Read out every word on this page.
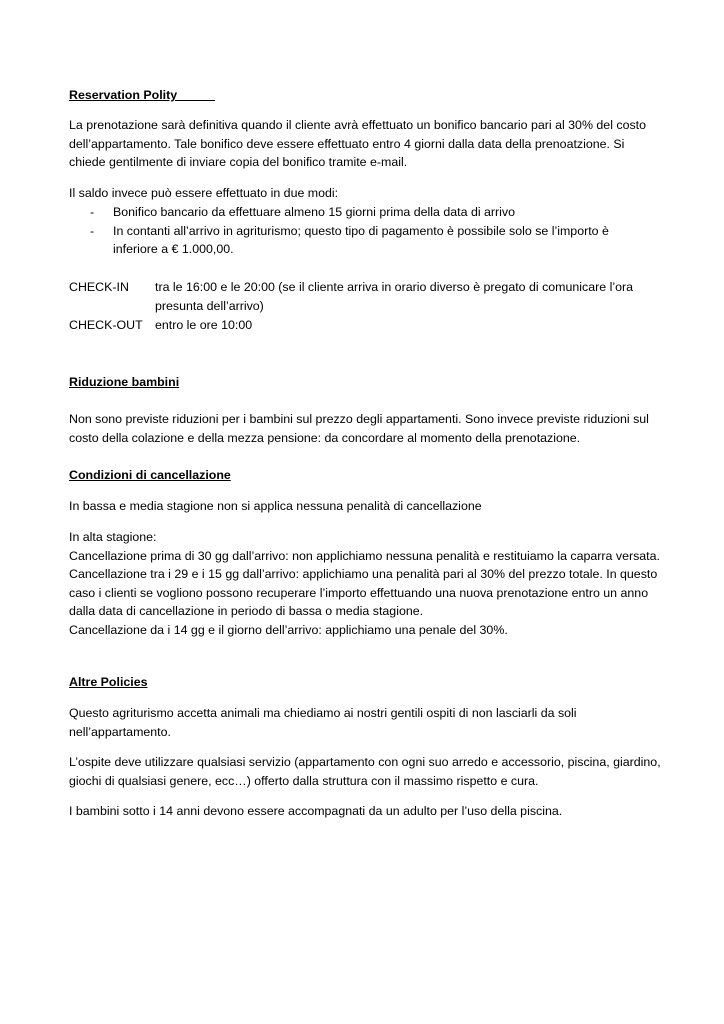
Reservation Polity
La prenotazione sarà definitiva quando il cliente avrà effettuato un bonifico bancario pari al 30% del costo
dell’appartamento. Tale bonifico deve essere effettuato entro 4 giorni dalla data della prenoatzione. Si
chiede gentilmente di inviare copia del bonifico tramite e-mail.
Il saldo invece può essere effettuato in due modi:
- Bonifico bancario da effettuare almeno 15 giorni prima della data di arrivo
- In contanti all’arrivo in agriturismo; questo tipo di pagamento è possibile solo se l’importo è
inferiore a € 1.000,00.
CHECK-IN tra le 16:00 e le 20:00 (se il cliente arriva in orario diverso è pregato di comunicare l’ora
presunta dell’arrivo)
CHECK-OUT entro le ore 10:00
Riduzione bambini
Non sono previste riduzioni per i bambini sul prezzo degli appartamenti. Sono invece previste riduzioni sul
costo della colazione e della mezza pensione: da concordare al momento della prenotazione.
Condizioni di cancellazione
In bassa e media stagione non si applica nessuna penalità di cancellazione
In alta stagione:
Cancellazione prima di 30 gg dall’arrivo: non applichiamo nessuna penalità e restituiamo la caparra versata.
Cancellazione tra i 29 e i 15 gg dall’arrivo: applichiamo una penalità pari al 30% del prezzo totale. In questo
caso i clienti se vogliono possono recuperare l’importo effettuando una nuova prenotazione entro un anno
dalla data di cancellazione in periodo di bassa o media stagione.
Cancellazione da i 14 gg e il giorno dell’arrivo: applichiamo una penale del 30%.
Altre Policies
Questo agriturismo accetta animali ma chiediamo ai nostri gentili ospiti di non lasciarli da soli
nell’appartamento.
L’ospite deve utilizzare qualsiasi servizio (appartamento con ogni suo arredo e accessorio, piscina, giardino,
giochi di qualsiasi genere, ecc…) offerto dalla struttura con il massimo rispetto e cura.
I bambini sotto i 14 anni devono essere accompagnati da un adulto per l’uso della piscina.
